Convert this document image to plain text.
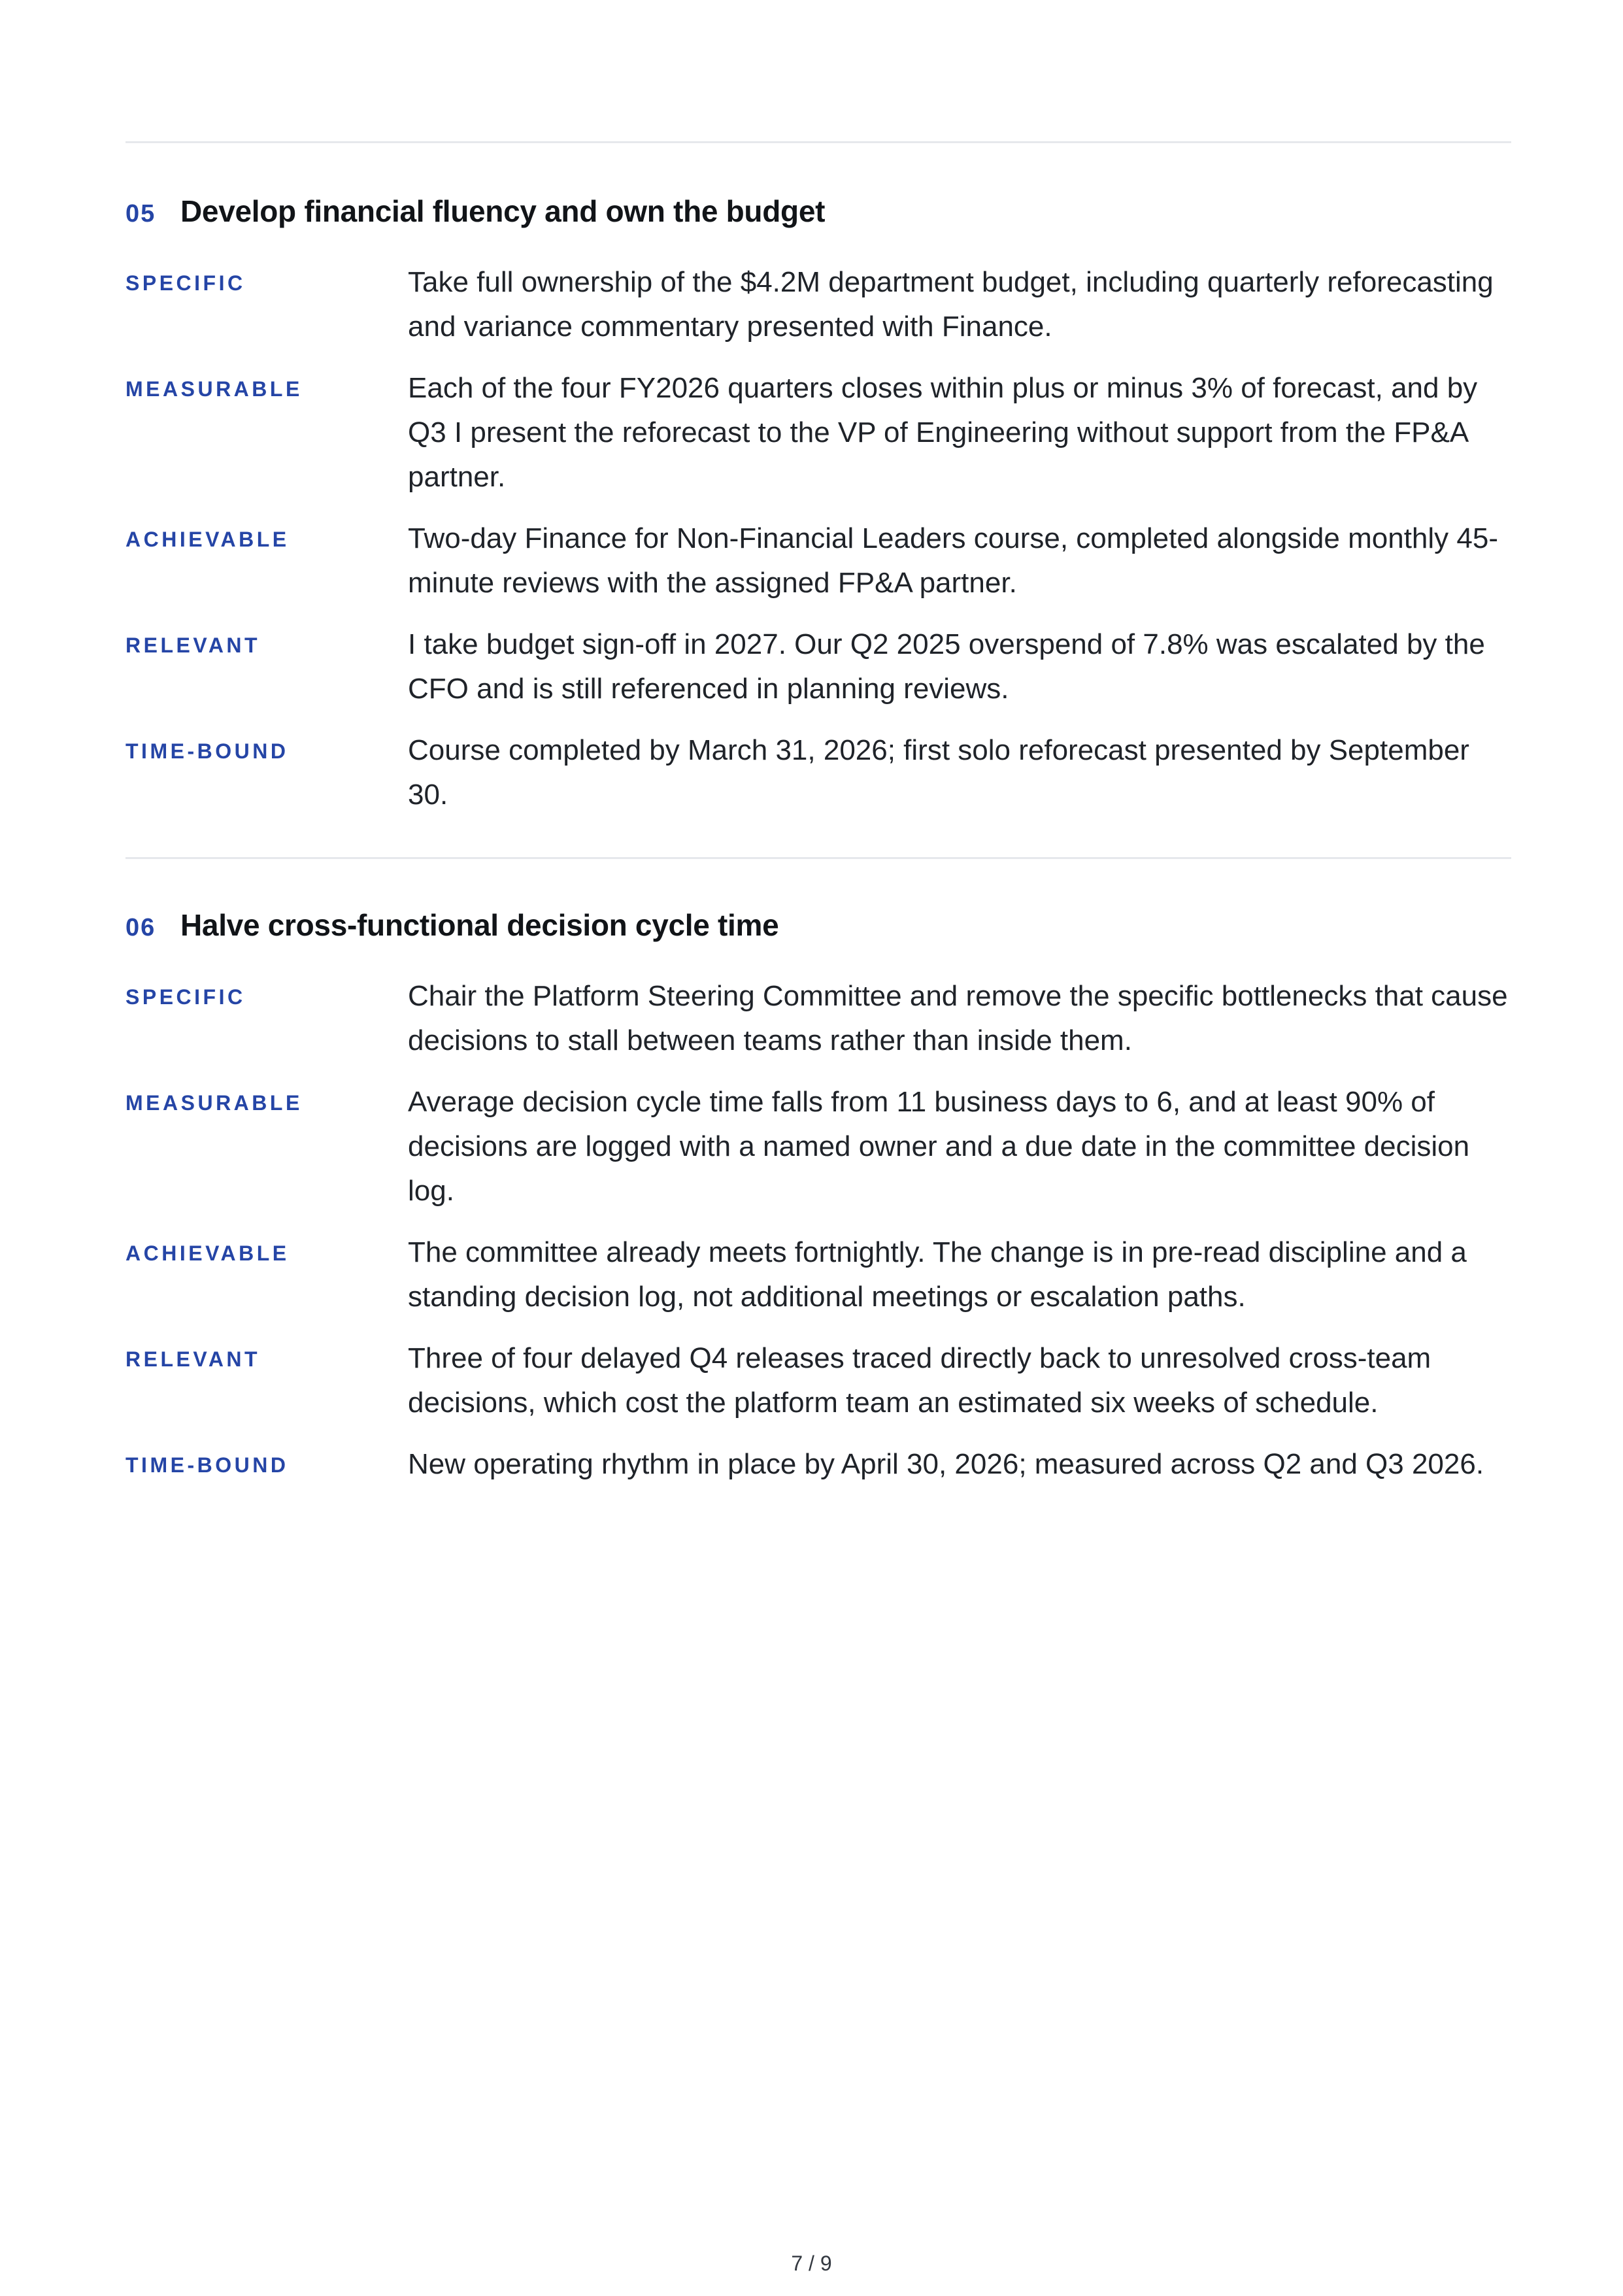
05 Develop financial fluency and own the budget
SPECIFIC	Take full ownership of the $4.2M department budget, including quarterly reforecasting and variance commentary presented with Finance.
MEASURABLE	Each of the four FY2026 quarters closes within plus or minus 3% of forecast, and by Q3 I present the reforecast to the VP of Engineering without support from the FP&A partner.
ACHIEVABLE	Two-day Finance for Non-Financial Leaders course, completed alongside monthly 45-minute reviews with the assigned FP&A partner.
RELEVANT	I take budget sign-off in 2027. Our Q2 2025 overspend of 7.8% was escalated by the CFO and is still referenced in planning reviews.
TIME-BOUND	Course completed by March 31, 2026; first solo reforecast presented by September 30.
06 Halve cross-functional decision cycle time
SPECIFIC	Chair the Platform Steering Committee and remove the specific bottlenecks that cause decisions to stall between teams rather than inside them.
MEASURABLE	Average decision cycle time falls from 11 business days to 6, and at least 90% of decisions are logged with a named owner and a due date in the committee decision log.
ACHIEVABLE	The committee already meets fortnightly. The change is in pre-read discipline and a standing decision log, not additional meetings or escalation paths.
RELEVANT	Three of four delayed Q4 releases traced directly back to unresolved cross-team decisions, which cost the platform team an estimated six weeks of schedule.
TIME-BOUND	New operating rhythm in place by April 30, 2026; measured across Q2 and Q3 2026.
7 / 9
